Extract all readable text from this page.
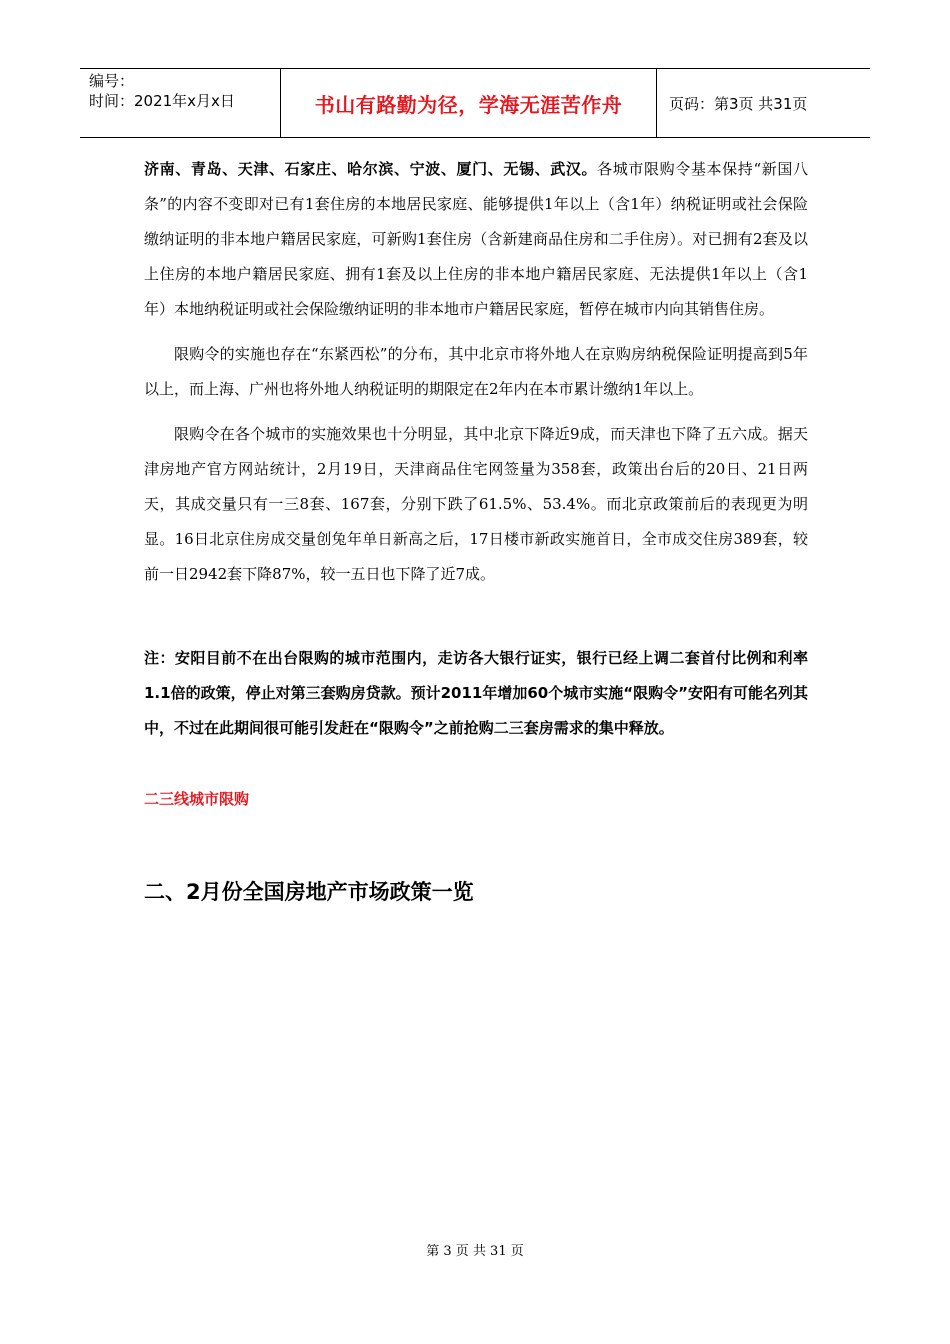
编号：
时间：2021年x月x日	书山有路勤为径，学海无涯苦作舟	页码：第3页 共31页

济南、青岛、天津、石家庄、哈尔滨、宁波、厦门、无锡、武汉。各城市限购令基本保持“新国八条”的内容不变即对已有1套住房的本地居民家庭、能够提供1年以上（含1年）纳税证明或社会保险缴纳证明的非本地户籍居民家庭，可新购1套住房（含新建商品住房和二手住房）。对已拥有2套及以上住房的本地户籍居民家庭、拥有1套及以上住房的非本地户籍居民家庭、无法提供1年以上（含1年）本地纳税证明或社会保险缴纳证明的非本地市户籍居民家庭，暂停在城市内向其销售住房。

限购令的实施也存在“东紧西松”的分布，其中北京市将外地人在京购房纳税保险证明提高到5年以上，而上海、广州也将外地人纳税证明的期限定在2年内在本市累计缴纳1年以上。

限购令在各个城市的实施效果也十分明显，其中北京下降近9成，而天津也下降了五六成。据天津房地产官方网站统计，2月19日，天津商品住宅网签量为358套，政策出台后的20日、21日两天，其成交量只有一三8套、167套，分别下跌了61.5%、53.4%。而北京政策前后的表现更为明显。16日北京住房成交量创兔年单日新高之后，17日楼市新政实施首日，全市成交住房389套，较前一日2942套下降87%，较一五日也下降了近7成。

注：安阳目前不在出台限购的城市范围内，走访各大银行证实，银行已经上调二套首付比例和利率1.1倍的政策，停止对第三套购房贷款。预计2011年增加60个城市实施“限购令”安阳有可能名列其中，不过在此期间很可能引发赶在“限购令”之前抢购二三套房需求的集中释放。

二三线城市限购
二、2月份全国房地产市场政策一览
第 3 页 共 31 页
